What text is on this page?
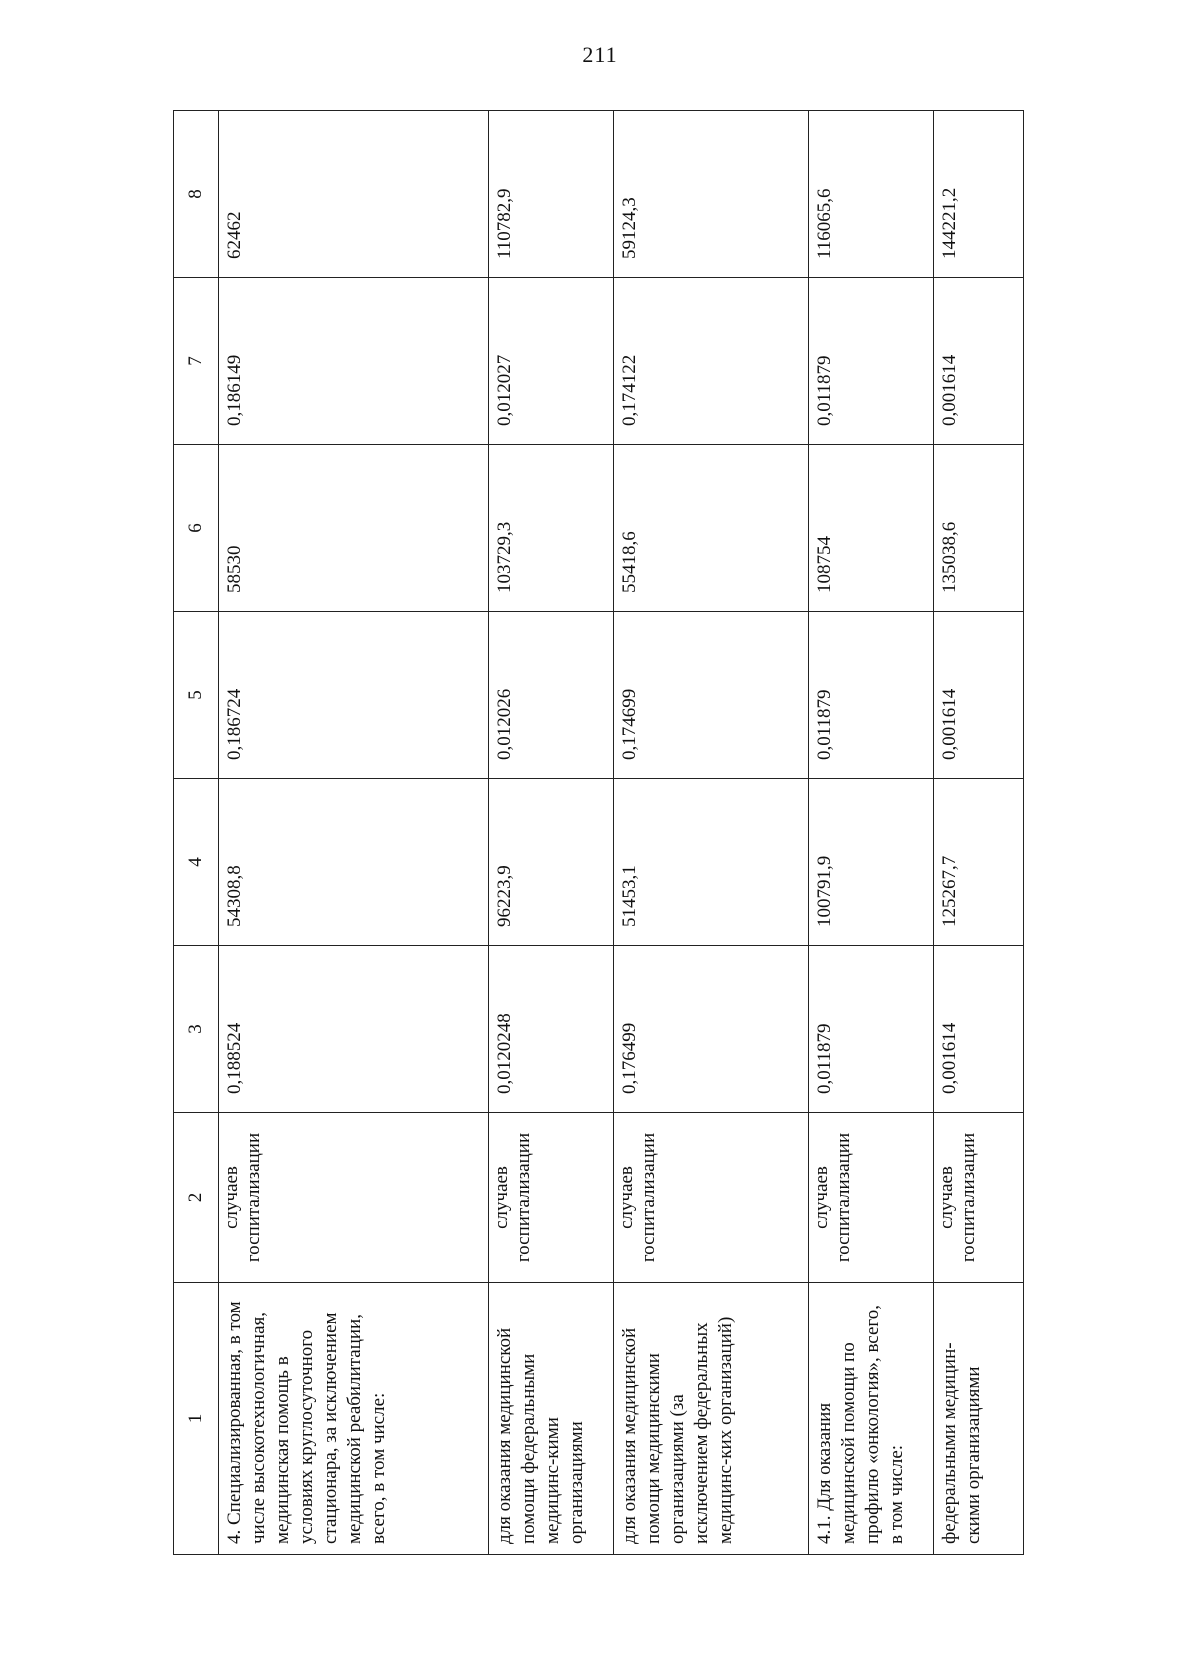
211
1	2	3	4	5	6	7	8
4. Специализированная, в том числе высокотехнологичная, медицинская помощь в условиях круглосуточного стационара, за исключением медицинской реабилитации, всего, в том числе:	случаев госпитализации	0,188524	54308,8	0,186724	58530	0,186149	62462
для оказания медицинской помощи федеральными медицинс-кими организациями	случаев госпитализации	0,0120248	96223,9	0,012026	103729,3	0,012027	110782,9
для оказания медицинской помощи медицинскими организациями (за исключением федеральных медицинс-ких организаций)	случаев госпитализации	0,176499	51453,1	0,174699	55418,6	0,174122	59124,3
4.1. Для оказания медицинской помощи по профилю «онкология», всего, в том числе:	случаев госпитализации	0,011879	100791,9	0,011879	108754	0,011879	116065,6
федеральными медицин-скими организациями	случаев госпитализации	0,001614	125267,7	0,001614	135038,6	0,001614	144221,2
